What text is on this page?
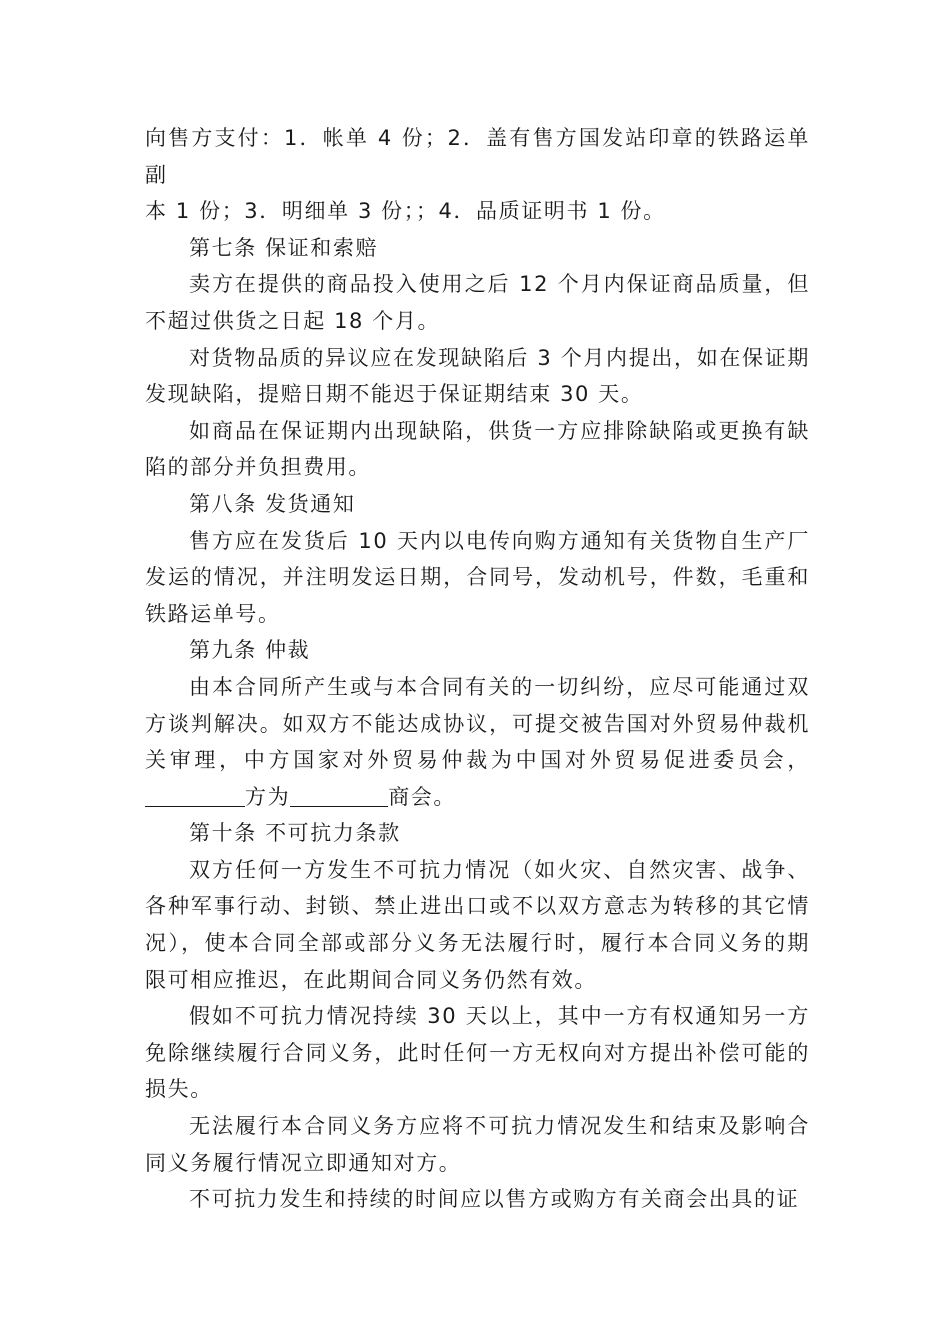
向售方支付：1．帐单 4 份；2．盖有售方国发站印章的铁路运单副
本 1 份；3．明细单 3 份；；4．品质证明书 1 份。

第七条 保证和索赔

卖方在提供的商品投入使用之后 12 个月内保证商品质量，但不超过供货之日起 18 个月。

对货物品质的异议应在发现缺陷后 3 个月内提出，如在保证期发现缺陷，提赔日期不能迟于保证期结束 30 天。

如商品在保证期内出现缺陷，供货一方应排除缺陷或更换有缺陷的部分并负担费用。

第八条 发货通知

售方应在发货后 10 天内以电传向购方通知有关货物自生产厂发运的情况，并注明发运日期，合同号，发动机号，件数，毛重和铁路运单号。

第九条 仲裁

由本合同所产生或与本合同有关的一切纠纷，应尽可能通过双方谈判解决。如双方不能达成协议，可提交被告国对外贸易仲裁机关审理，中方国家对外贸易仲裁为中国对外贸易促进委员会，方为	商会。

第十条 不可抗力条款

双方任何一方发生不可抗力情况（如火灾、自然灾害、战争、各种军事行动、封锁、禁止进出口或不以双方意志为转移的其它情况），使本合同全部或部分义务无法履行时，履行本合同义务的期限可相应推迟，在此期间合同义务仍然有效。

假如不可抗力情况持续 30 天以上，其中一方有权通知另一方免除继续履行合同义务，此时任何一方无权向对方提出补偿可能的损失。

无法履行本合同义务方应将不可抗力情况发生和结束及影响合同义务履行情况立即通知对方。

不可抗力发生和持续的时间应以售方或购方有关商会出具的证
